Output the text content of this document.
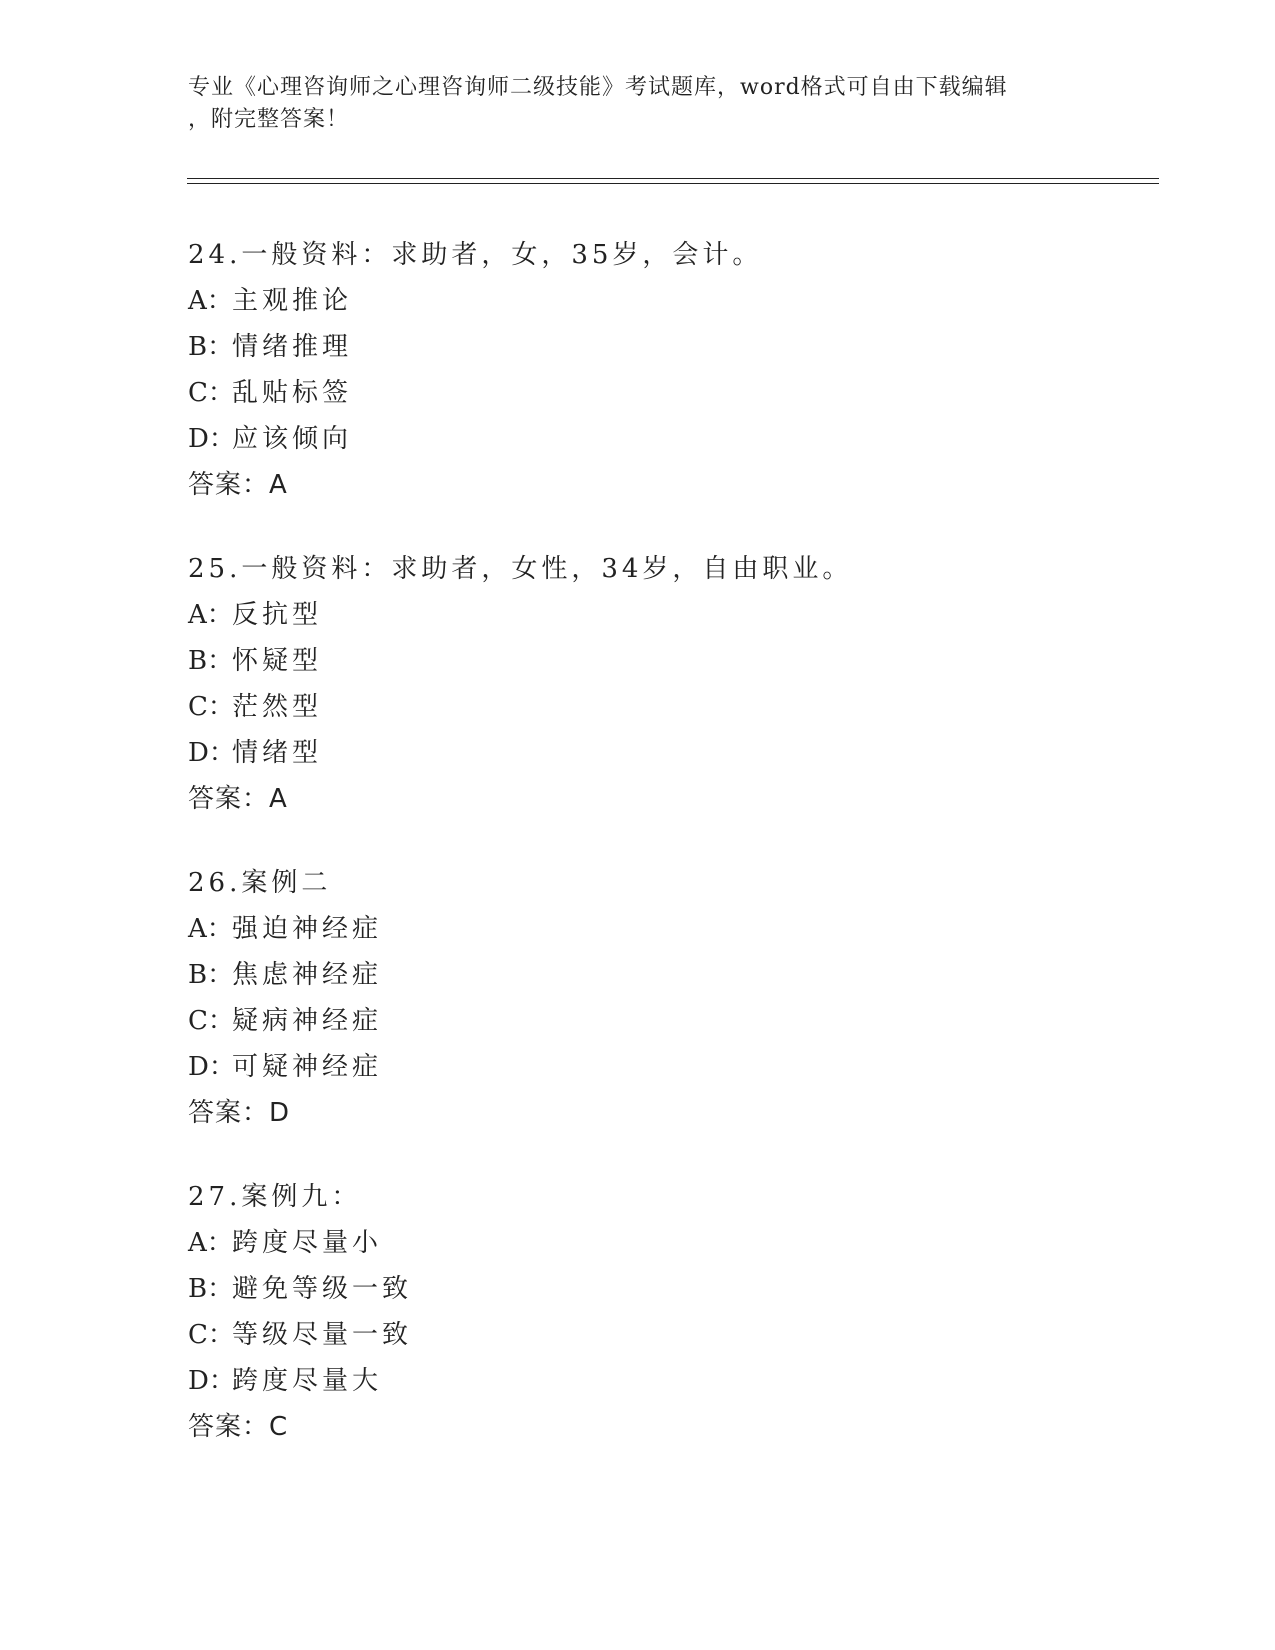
专业《心理咨询师之心理咨询师二级技能》考试题库，word格式可自由下载编辑
，附完整答案！
24.一般资料：求助者，女，35岁，会计。
A：主观推论
B：情绪推理
C：乱贴标签
D：应该倾向
答案：A
25.一般资料：求助者，女性，34岁，自由职业。
A：反抗型
B：怀疑型
C：茫然型
D：情绪型
答案：A
26.案例二
A：强迫神经症
B：焦虑神经症
C：疑病神经症
D：可疑神经症
答案：D
27.案例九：
A：跨度尽量小
B：避免等级一致
C：等级尽量一致
D：跨度尽量大
答案：C
